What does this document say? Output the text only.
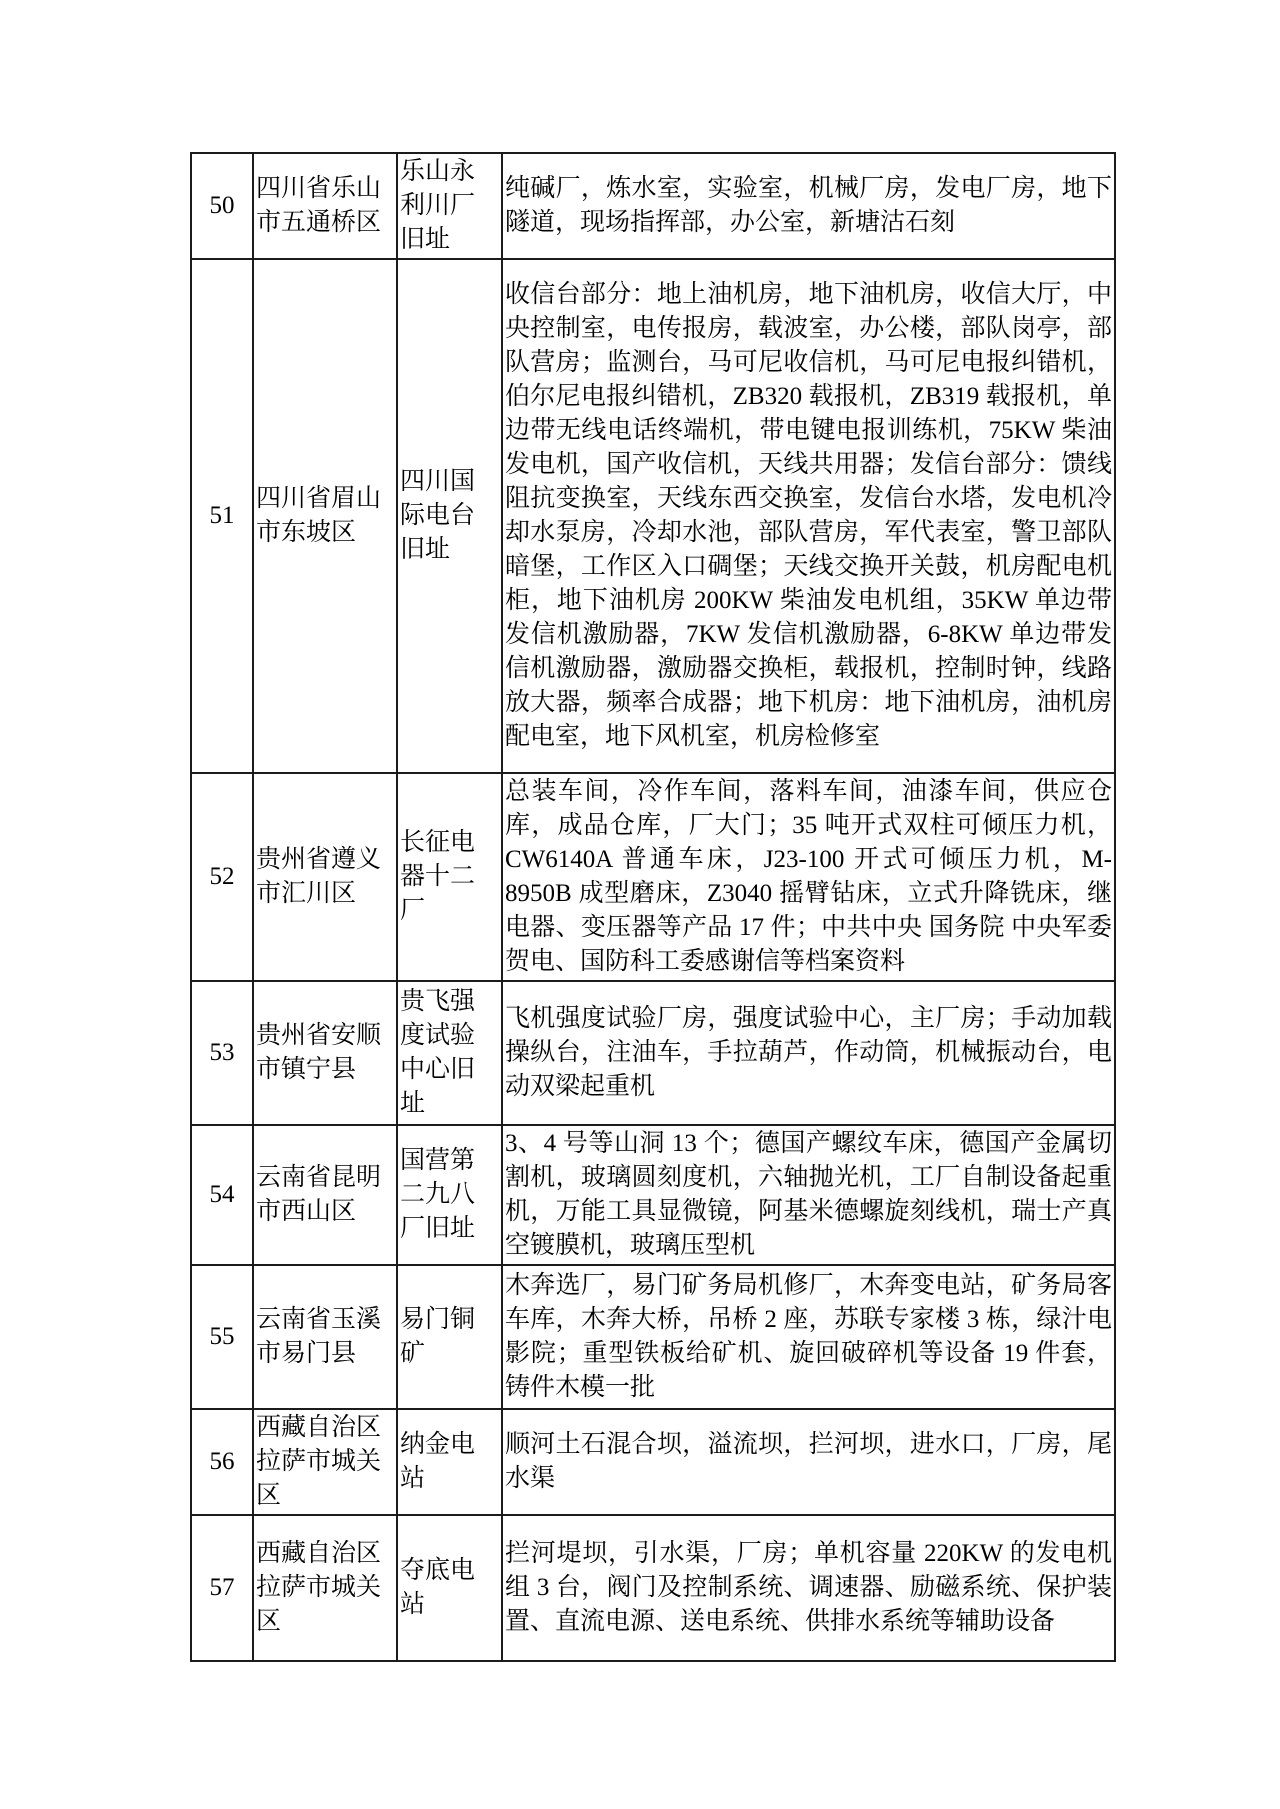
50	四川省乐山市五通桥区	乐山永利川厂旧址	纯碱厂，炼水室，实验室，机械厂房，发电厂房，地下隧道，现场指挥部，办公室，新塘沽石刻
51	四川省眉山市东坡区	四川国际电台旧址	收信台部分：地上油机房，地下油机房，收信大厅，中央控制室，电传报房，载波室，办公楼，部队岗亭，部队营房；监测台，马可尼收信机，马可尼电报纠错机，伯尔尼电报纠错机，ZB320 载报机，ZB319 载报机，单边带无线电话终端机，带电键电报训练机，75KW 柴油发电机，国产收信机，天线共用器；发信台部分：馈线阻抗变换室，天线东西交换室，发信台水塔，发电机冷却水泵房，冷却水池，部队营房，军代表室，警卫部队暗堡，工作区入口碉堡；天线交换开关鼓，机房配电机柜，地下油机房 200KW 柴油发电机组，35KW 单边带发信机激励器，7KW 发信机激励器，6-8KW 单边带发信机激励器，激励器交换柜，载报机，控制时钟，线路放大器，频率合成器；地下机房：地下油机房，油机房配电室，地下风机室，机房检修室
52	贵州省遵义市汇川区	长征电器十二厂	总装车间，冷作车间，落料车间，油漆车间，供应仓库，成品仓库，厂大门；35 吨开式双柱可倾压力机，CW6140A 普通车床，J23-100 开式可倾压力机，M-8950B 成型磨床，Z3040 摇臂钻床，立式升降铣床，继电器、变压器等产品 17 件；中共中央 国务院 中央军委贺电、国防科工委感谢信等档案资料
53	贵州省安顺市镇宁县	贵飞强度试验中心旧址	飞机强度试验厂房，强度试验中心，主厂房；手动加载操纵台，注油车，手拉葫芦，作动筒，机械振动台，电动双梁起重机
54	云南省昆明市西山区	国营第二九八厂旧址	3、4 号等山洞 13 个；德国产螺纹车床，德国产金属切割机，玻璃圆刻度机，六轴抛光机，工厂自制设备起重机，万能工具显微镜，阿基米德螺旋刻线机，瑞士产真空镀膜机，玻璃压型机
55	云南省玉溪市易门县	易门铜矿	木奔选厂，易门矿务局机修厂，木奔变电站，矿务局客车库，木奔大桥，吊桥 2 座，苏联专家楼 3 栋，绿汁电影院；重型铁板给矿机、旋回破碎机等设备 19 件套，铸件木模一批
56	西藏自治区拉萨市城关区	纳金电站	顺河土石混合坝，溢流坝，拦河坝，进水口，厂房，尾水渠
57	西藏自治区拉萨市城关区	夺底电站	拦河堤坝，引水渠，厂房；单机容量 220KW 的发电机组 3 台，阀门及控制系统、调速器、励磁系统、保护装置、直流电源、送电系统、供排水系统等辅助设备
